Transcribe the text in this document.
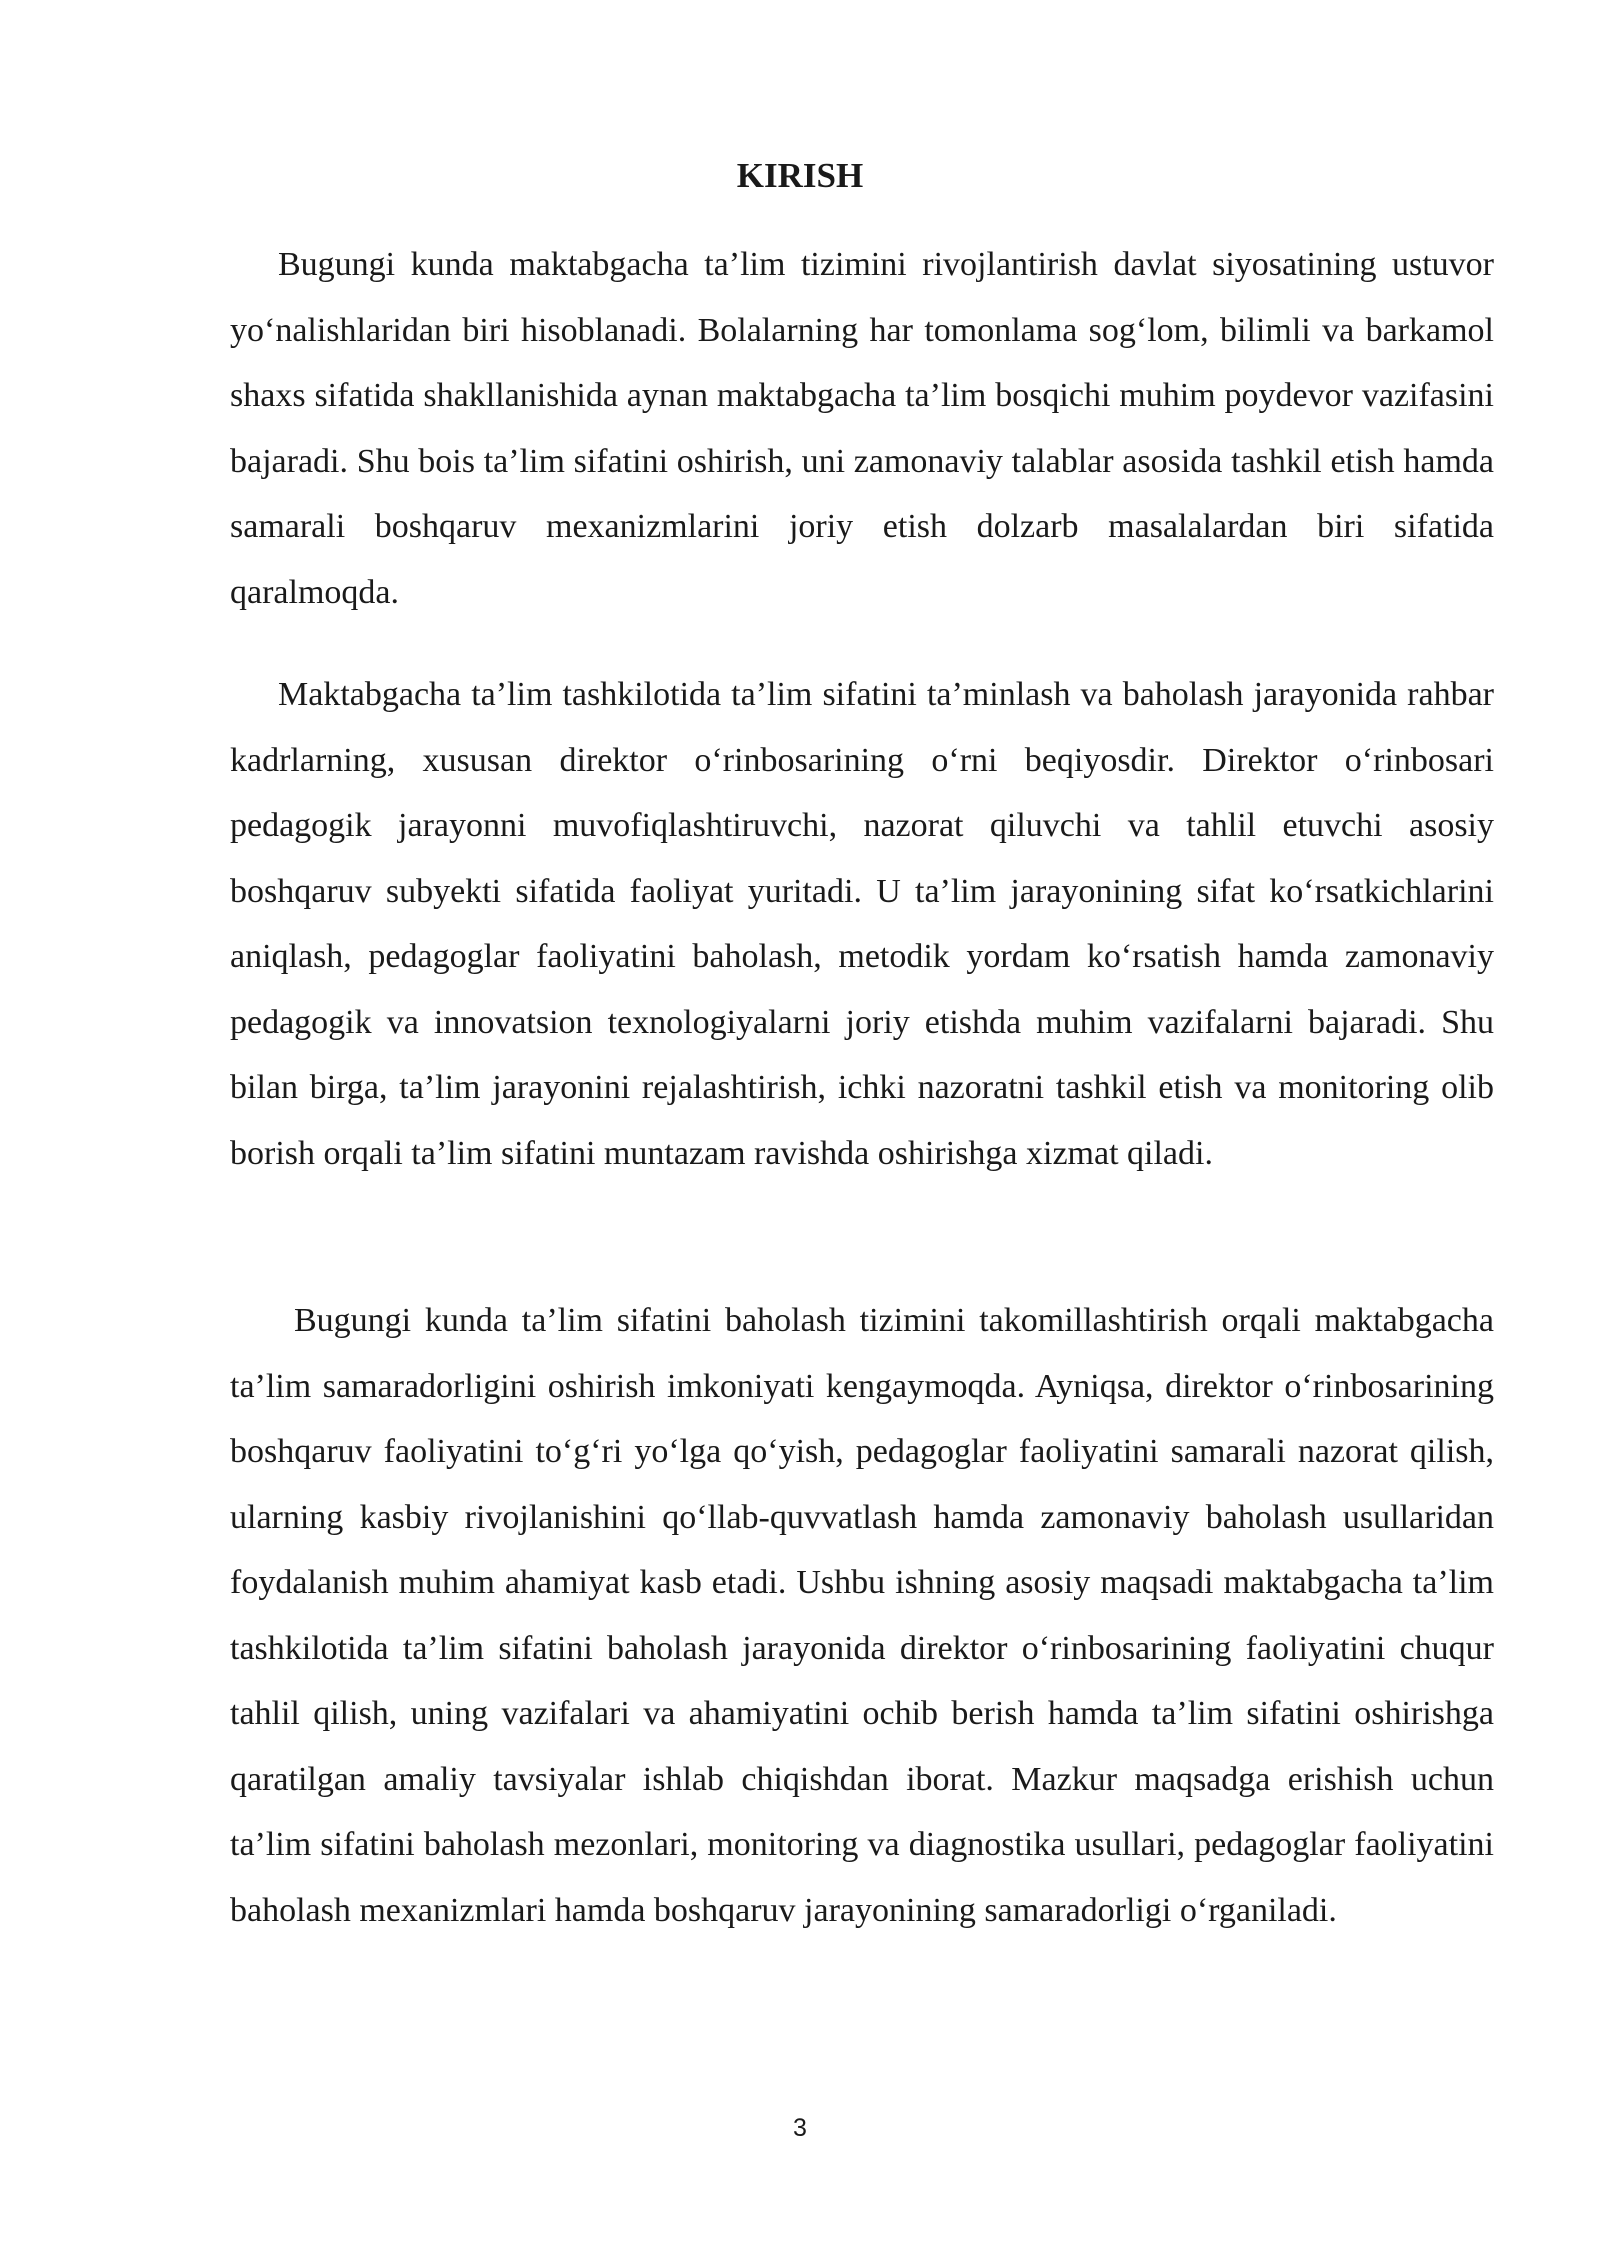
KIRISH

Bugungi kunda maktabgacha ta’lim tizimini rivojlantirish davlat siyosatining ustuvor yo‘nalishlaridan biri hisoblanadi. Bolalarning har tomonlama sog‘lom, bilimli va barkamol shaxs sifatida shakllanishida aynan maktabgacha ta’lim bosqichi muhim poydevor vazifasini bajaradi. Shu bois ta’lim sifatini oshirish, uni zamonaviy talablar asosida tashkil etish hamda samarali boshqaruv mexanizmlarini joriy etish dolzarb masalalardan biri sifatida qaralmoqda.

Maktabgacha ta’lim tashkilotida ta’lim sifatini ta’minlash va baholash jarayonida rahbar kadrlarning, xususan direktor o‘rinbosarining o‘rni beqiyosdir. Direktor o‘rinbosari pedagogik jarayonni muvofiqlashtiruvchi, nazorat qiluvchi va tahlil etuvchi asosiy boshqaruv subyekti sifatida faoliyat yuritadi. U ta’lim jarayonining sifat ko‘rsatkichlarini aniqlash, pedagoglar faoliyatini baholash, metodik yordam ko‘rsatish hamda zamonaviy pedagogik va innovatsion texnologiyalarni joriy etishda muhim vazifalarni bajaradi. Shu bilan birga, ta’lim jarayonini rejalashtirish, ichki nazoratni tashkil etish va monitoring olib borish orqali ta’lim sifatini muntazam ravishda oshirishga xizmat qiladi.

Bugungi kunda ta’lim sifatini baholash tizimini takomillashtirish orqali maktabgacha ta’lim samaradorligini oshirish imkoniyati kengaymoqda. Ayniqsa, direktor o‘rinbosarining boshqaruv faoliyatini to‘g‘ri yo‘lga qo‘yish, pedagoglar faoliyatini samarali nazorat qilish, ularning kasbiy rivojlanishini qo‘llab-quvvatlash hamda zamonaviy baholash usullaridan foydalanish muhim ahamiyat kasb etadi. Ushbu ishning asosiy maqsadi maktabgacha ta’lim tashkilotida ta’lim sifatini baholash jarayonida direktor o‘rinbosarining faoliyatini chuqur tahlil qilish, uning vazifalari va ahamiyatini ochib berish hamda ta’lim sifatini oshirishga qaratilgan amaliy tavsiyalar ishlab chiqishdan iborat. Mazkur maqsadga erishish uchun ta’lim sifatini baholash mezonlari, monitoring va diagnostika usullari, pedagoglar faoliyatini baholash mexanizmlari hamda boshqaruv jarayonining samaradorligi o‘rganiladi.

3
